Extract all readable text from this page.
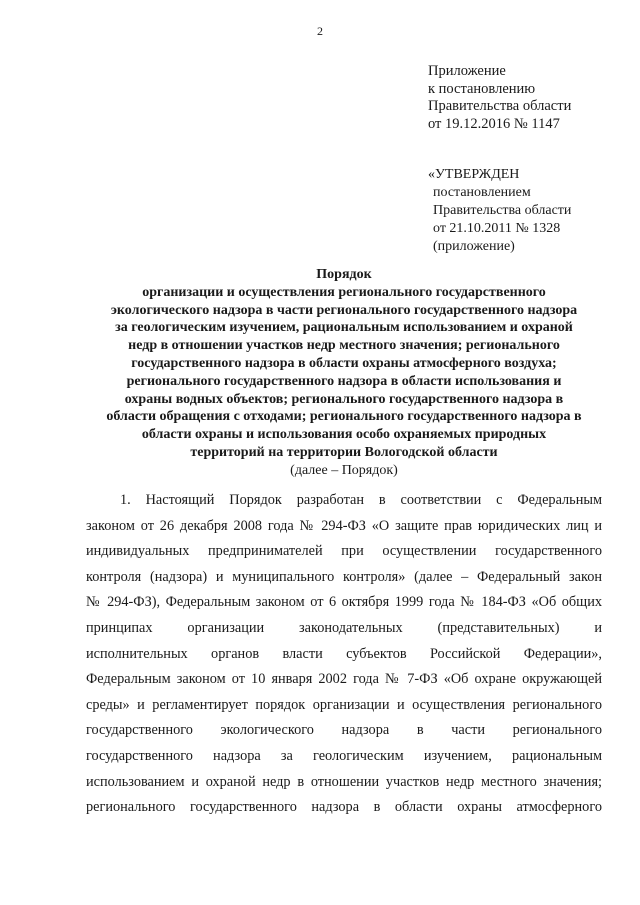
2
Приложение
к постановлению
Правительства области
от 19.12.2016 № 1147
«УТВЕРЖДЕН
постановлением
Правительства области
от 21.10.2011 № 1328
(приложение)
Порядок
организации и осуществления регионального государственного
экологического надзора в части регионального государственного надзора
за геологическим изучением, рациональным использованием и охраной
недр в отношении участков недр местного значения; регионального
государственного надзора в области охраны атмосферного воздуха;
регионального государственного надзора в области использования и
охраны водных объектов; регионального государственного надзора в
области обращения с отходами; регионального государственного надзора в
области охраны и использования особо охраняемых природных
территорий на территории Вологодской области
(далее – Порядок)
1. Настоящий Порядок разработан в соответствии с Федеральным
законом от 26 декабря 2008 года № 294-ФЗ «О защите прав юридических лиц и
индивидуальных предпринимателей при осуществлении государственного
контроля (надзора) и муниципального контроля» (далее – Федеральный закон
№ 294-ФЗ), Федеральным законом от 6 октября 1999 года № 184-ФЗ «Об общих
принципах организации законодательных (представительных) и
исполнительных органов власти субъектов Российской Федерации»,
Федеральным законом от 10 января 2002 года № 7-ФЗ «Об охране окружающей
среды» и регламентирует порядок организации и осуществления регионального
государственного экологического надзора в части регионального
государственного надзора за геологическим изучением, рациональным
использованием и охраной недр в отношении участков недр местного значения;
регионального государственного надзора в области охраны атмосферного
